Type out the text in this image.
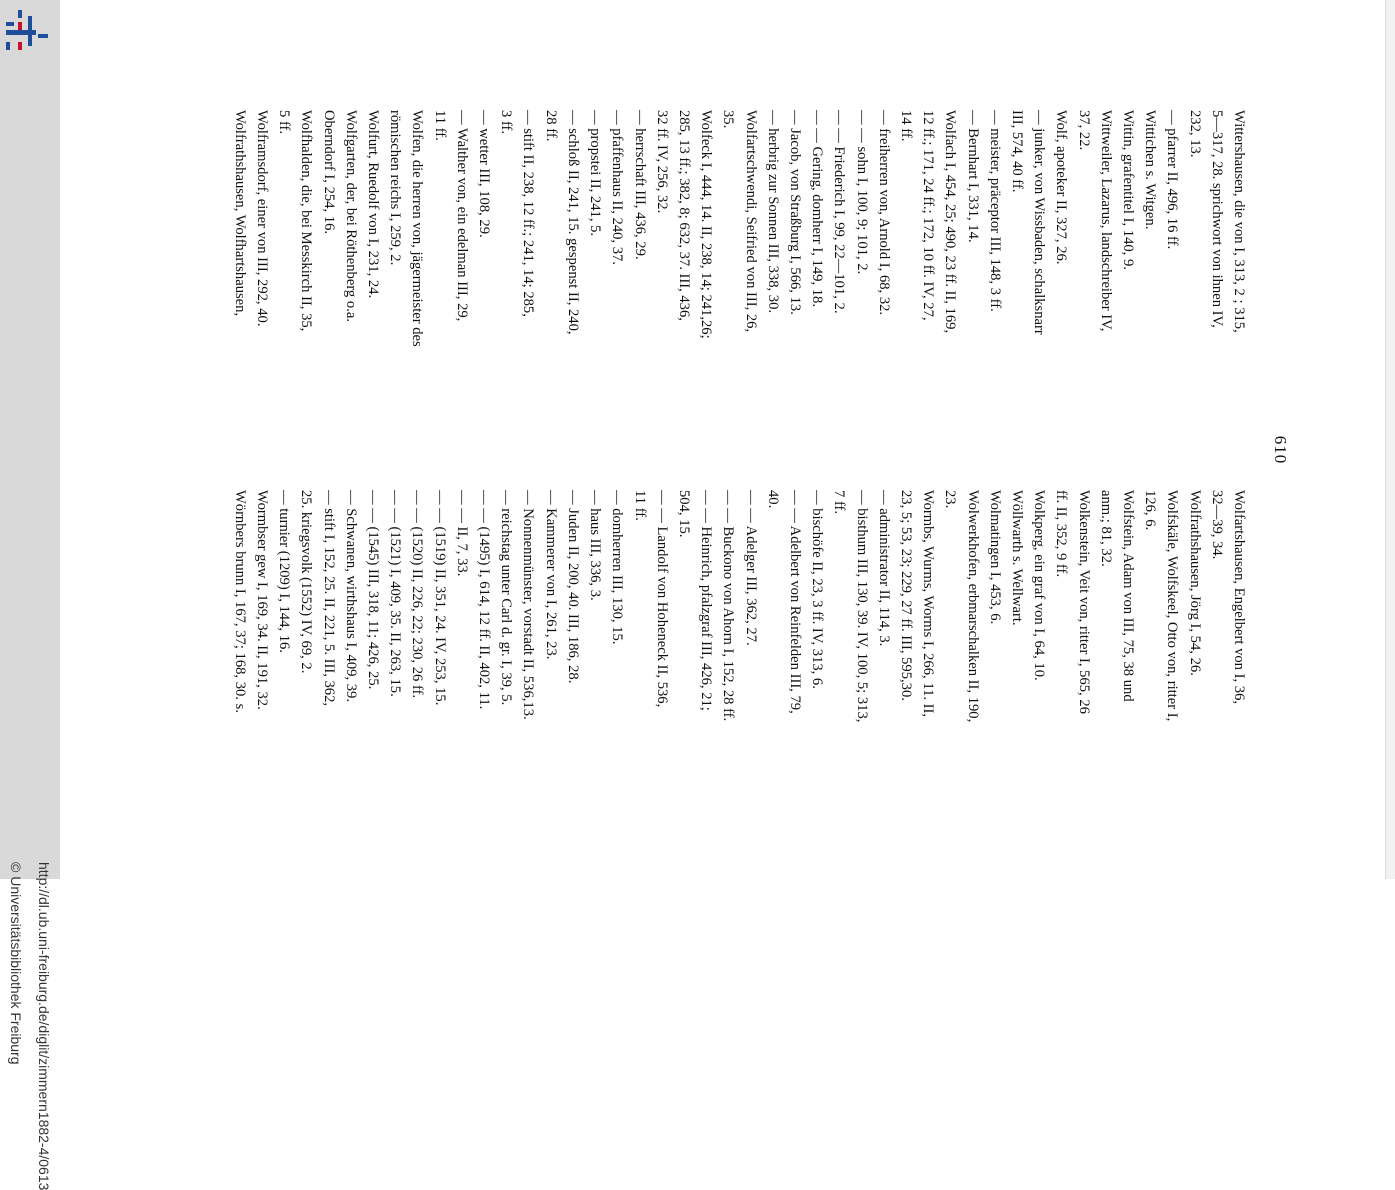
http://dl.ub.uni-freiburg.de/diglit/zimmern1882-4/0613
© Universitätsbibliothek Freiburg
610

Wittershausen, die von I, 313, 2 ; 315,

5—317, 28. sprichwort von ihnen IV,

232, 13.

— pfarrer II, 496, 16 ff.

Wittichen s. Witgen.

Wittin, grafentitel I, 140, 9.

Wittweiler, Lazarus, landschreiber IV,

37, 22.

Wolf, apoteker II, 327, 26.

— junker, von Wissbaden, schalksnarr

III, 574, 40 ff.

— meister, präceptor III, 148, 3 ff.

— Bernhart I, 331, 14.

Wolfach I, 454, 25; 490, 23 ff. II, 169,

12 ff.; 171, 24 ff.; 172, 10 ff. IV, 27,

14 ff.

— freiherren von, Arnold I, 68, 32.

— — sohn I, 100, 9; 101, 2.

— — Friederich I, 99, 22—101, 2.

— — Gering, domherr I, 149, 18.

— Jacob, von Straßburg I, 566, 13.

— herbrig zur Sonnen III, 338, 30.

Wolfartschwendi, Seifried von III, 26,

35.

Wolfeck I, 444, 14. II, 238, 14; 241,26;

285, 13 ff.; 382, 8; 632, 37. III, 436,

32 ff. IV, 256, 32.

— herrschaft III, 436, 29.

— pfaffenhaus II, 240, 37.

— propstei II, 241, 5.

— schloß II, 241, 15. gespenst II, 240,

28 ff.

— stift II, 238, 12 ff.; 241, 14; 285,

3 ff.

— wetter III, 108, 29.

— Walther von, ein edelman III, 29,

11 ff.

Wolfen, die herren von, jägermeister des

römischen reichs I, 259, 2.

Wolfurt, Ruedolf von I, 231, 24.

Wolfgarten, der, bei Röthenberg o.a.

Oberndorf I, 254, 16.

Wolfhalden, die, bei Messkirch II, 35,

5 ff.

Wolframsdorf, einer von III, 292, 40.

Wolfrathshausen, Wolfhartshausen,

Wolfartshausen, Engelbert von I, 36,

32—39, 34.

Wolfrathshausen, Jörg I, 54, 26.

Wolfskäle, Wolfskeel, Otto von, ritter I,

126, 6.

Wolfstein, Adam von III, 75, 38 und

anm.; 81, 32.

Wolkenstein, Veit von, ritter I, 565, 26

ff. II, 352, 9 ff.

Wolkperg, ein graf von I, 64, 10.

Wöllwarth s. Wellwart.

Wolmatingen I, 453, 6.

Wolwerkhofen, erbmarschalken II, 190,

23.

Wormbs, Wurms, Worms I, 266, 11. II,

23, 5; 53, 23; 229, 27 ff. III, 595,30.

— administrator II, 114, 3.

— bisthum III, 130, 39. IV, 100, 5; 313,

7 ff.

— bischöfe II, 23, 3 ff. IV, 313, 6.

— — Adelbert von Reinfelden III, 79,

40.

— — Adelger III, 362, 27.

— — Buckono von Ahorn I, 152, 28 ff.

— — Heinrich, pfalzgraf III, 426, 21;

504, 15.

— — Landolf von Hoheneck II, 536,

11 ff.

— domherren III, 130, 15.

— haus III, 336, 3.

— Juden II, 200, 40. III, 186, 28.

— Kammerer von I, 261, 23.

— Nonnenmünster, vorstadt II, 536,13.

— reichstag unter Carl d. gr. I, 39, 5.

— — (1495) I, 614, 12 ff. II, 402, 11.

— — II, 7, 33.

— — (1519) II, 351, 24. IV, 253, 15.

— — (1520) II, 226, 22; 230, 26 ff.

— — (1521) I, 409, 35. II, 263, 15.

— — (1545) III, 318, 11; 426, 25.

— Schwanen, wirthshaus I, 409, 39.

— stift I, 152, 25. II, 221, 5. III, 362,

25. kriegsvolk (1552) IV, 69, 2.

— turnier (1209) I, 144, 16.

Wormbser gew I, 169, 34. II, 191, 32.

Wörnbers brunn I, 167, 37; 168, 30. s.
